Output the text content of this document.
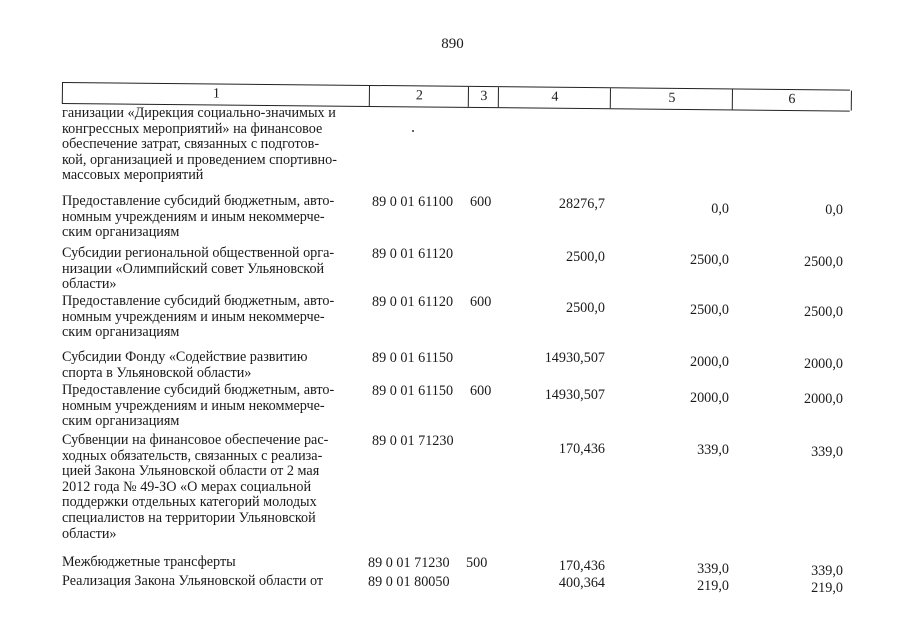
890
1	2	3	4	5	6
ганизации «Дирекция социально-значимых и
конгрессных мероприятий» на финансовое
обеспечение затрат, связанных с подготов-
кой, организацией и проведением спортивно-
массовых мероприятий
Предоставление субсидий бюджетным, авто-
номным учреждениям и иным некоммерче-
ским организациям
89 0 01 61100 600	28276,7	0,0	0,0
Субсидии региональной общественной орга-
низации «Олимпийский совет Ульяновской
области»
89 0 01 61120	2500,0	2500,0	2500,0
Предоставление субсидий бюджетным, авто-
номным учреждениям и иным некоммерче-
ским организациям
89 0 01 61120 600	2500,0	2500,0	2500,0
Субсидии Фонду «Содействие развитию
спорта в Ульяновской области»
89 0 01 61150	14930,507	2000,0	2000,0
Предоставление субсидий бюджетным, авто-
номным учреждениям и иным некоммерче-
ским организациям
89 0 01 61150 600	14930,507	2000,0	2000,0
Субвенции на финансовое обеспечение рас-
ходных обязательств, связанных с реализа-
цией Закона Ульяновской области от 2 мая
2012 года № 49-ЗО «О мерах социальной
поддержки отдельных категорий молодых
специалистов на территории Ульяновской
области»
89 0 01 71230	170,436	339,0	339,0
Межбюджетные трансферты	89 0 01 71230 500	170,436	339,0	339,0
Реализация Закона Ульяновской области от	89 0 01 80050	400,364	219,0	219,0
